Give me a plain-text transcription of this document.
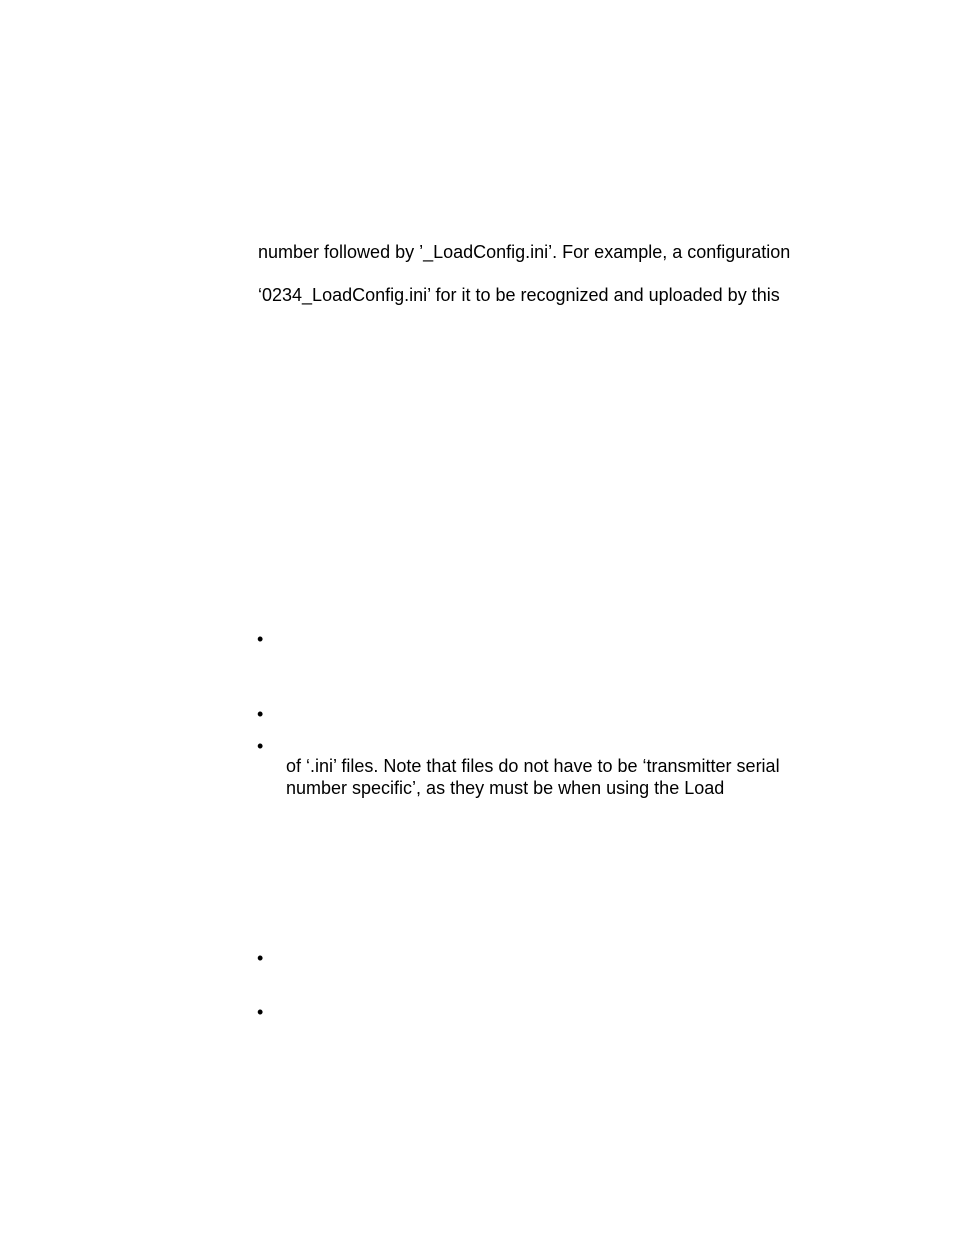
number followed by ’_LoadConfig.ini’. For example, a configuration
‘0234_LoadConfig.ini’ for it to be recognized and uploaded by this
•
•
•
of ‘.ini’ files. Note that files do not have to be ‘transmitter serial
number specific’, as they must be when using the Load
•
•
